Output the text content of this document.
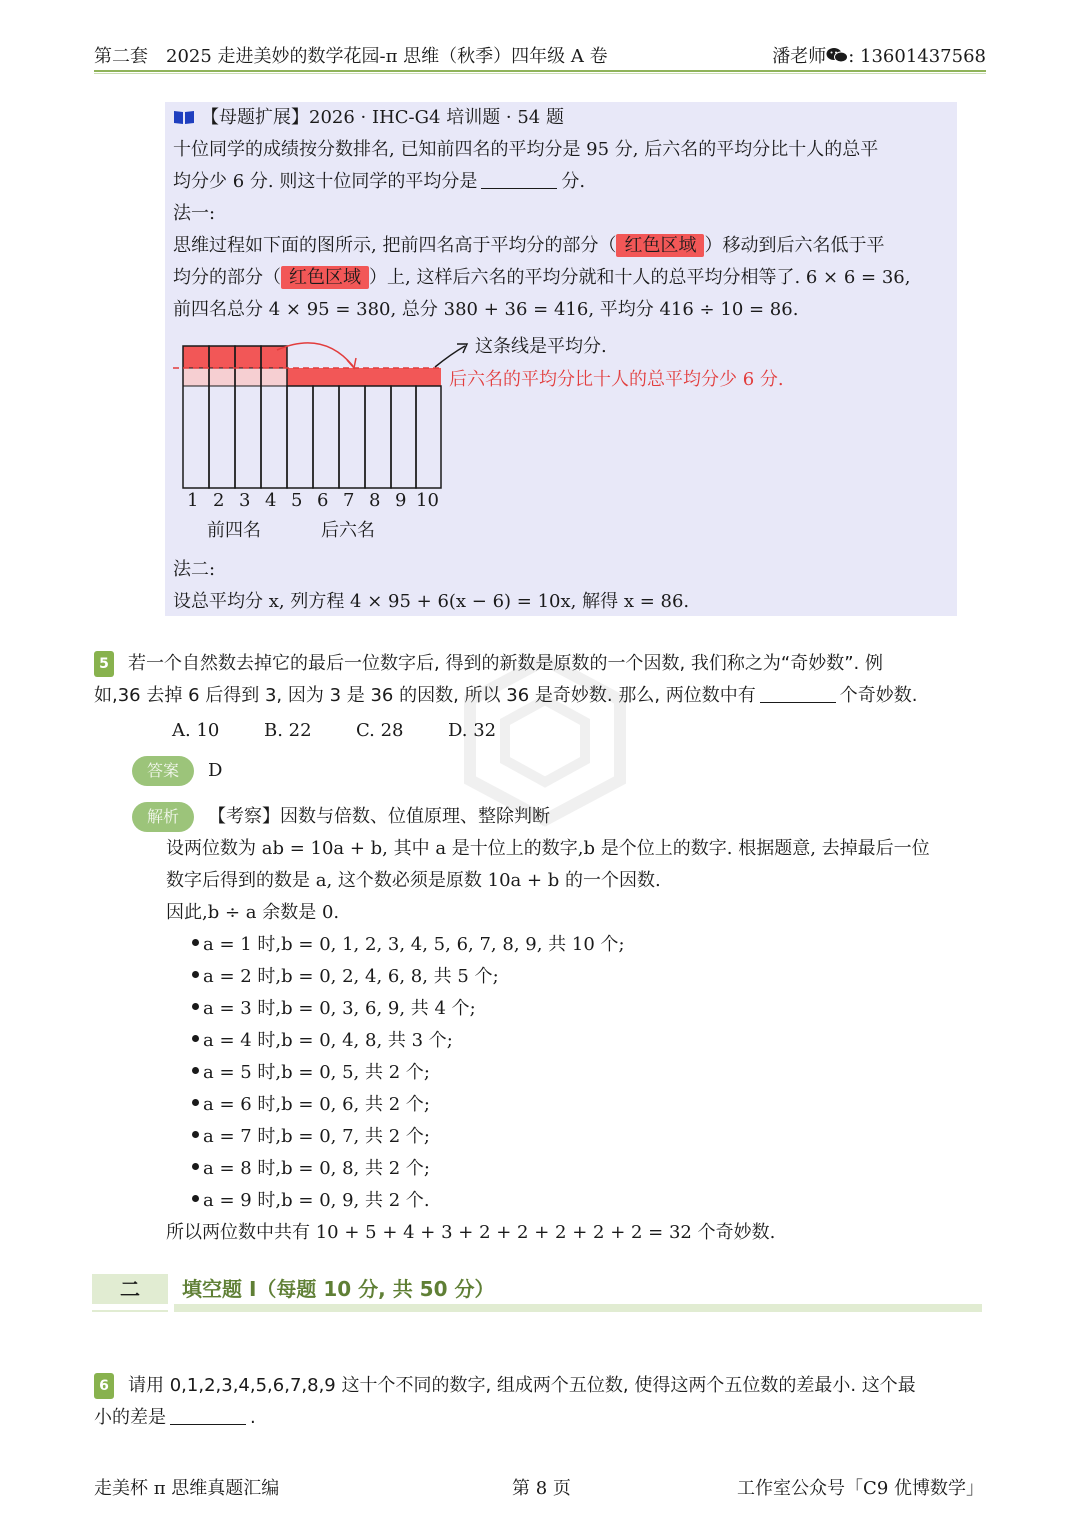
第二套　2025 走进美妙的数学花园-π 思维（秋季）四年级 A 卷	潘老师 : 13601437568
【母题扩展】2026 · IHC-G4 培训题 · 54 题
十位同学的成绩按分数排名, 已知前四名的平均分是 95 分, 后六名的平均分比十人的总平
均分少 6 分. 则这十位同学的平均分是	分.
法一:
思维过程如下面的图所示, 把前四名高于平均分的部分（ 红色区域 ）移动到后六名低于平
均分的部分（ 红色区域 ）上, 这样后六名的平均分就和十人的总平均分相等了. 6 × 6 = 36,
前四名总分 4 × 95 = 380, 总分 380 + 36 = 416, 平均分 416 ÷ 10 = 86.
这条线是平均分.
后六名的平均分比十人的总平均分少 6 分.
1 2 3 4 5 6 7 8 9 10
前四名	后六名
法二:
设总平均分 x, 列方程 4 × 95 + 6(x − 6) = 10x, 解得 x = 86.
5 若一个自然数去掉它的最后一位数字后, 得到的新数是原数的一个因数, 我们称之为“奇妙数”. 例
如,36 去掉 6 后得到 3, 因为 3 是 36 的因数, 所以 36 是奇妙数. 那么, 两位数中有	个奇妙数.
A. 10 B. 22 C. 28 D. 32
答案	D
解析	【考察】因数与倍数、位值原理、整除判断
设两位数为 ab = 10a + b, 其中 a 是十位上的数字,b 是个位上的数字. 根据题意, 去掉最后一位
数字后得到的数是 a, 这个数必须是原数 10a + b 的一个因数.
因此,b ÷ a 余数是 0.
a = 1 时,b = 0, 1, 2, 3, 4, 5, 6, 7, 8, 9, 共 10 个;
a = 2 时,b = 0, 2, 4, 6, 8, 共 5 个;
a = 3 时,b = 0, 3, 6, 9, 共 4 个;
a = 4 时,b = 0, 4, 8, 共 3 个;
a = 5 时,b = 0, 5, 共 2 个;
a = 6 时,b = 0, 6, 共 2 个;
a = 7 时,b = 0, 7, 共 2 个;
a = 8 时,b = 0, 8, 共 2 个;
a = 9 时,b = 0, 9, 共 2 个.
所以两位数中共有 10 + 5 + 4 + 3 + 2 + 2 + 2 + 2 + 2 = 32 个奇妙数.
二	填空题 I（每题 10 分, 共 50 分）
6 请用 0,1,2,3,4,5,6,7,8,9 这十个不同的数字, 组成两个五位数, 使得这两个五位数的差最小. 这个最
小的差是	.
走美杯 π 思维真题汇编	第 8 页	工作室公众号「C9 优博数学」
